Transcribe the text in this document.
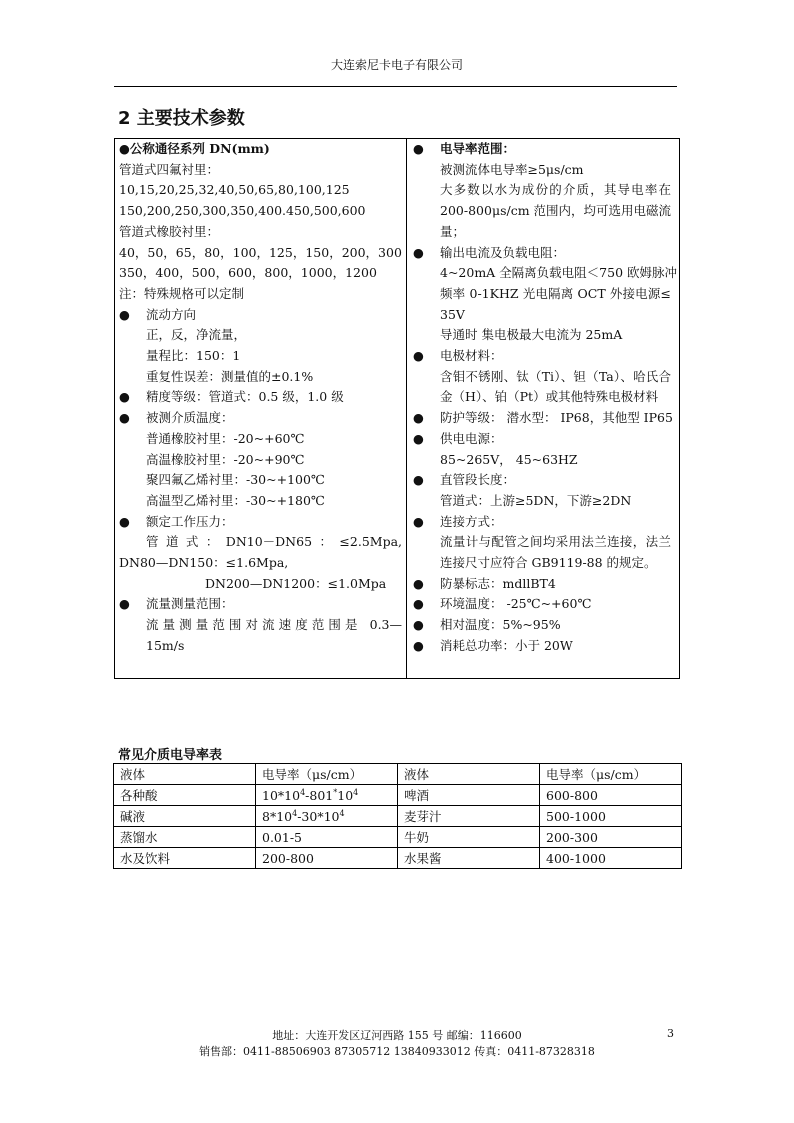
大连索尼卡电子有限公司
2 主要技术参数
●公称通径系列 DN(mm)
管道式四氟衬里：
10,15,20,25,32,40,50,65,80,100,125
150,200,250,300,350,400.450,500,600
管道式橡胶衬里：
40，50，65，80，100，125，150，200，300
350，400，500，600，800，1000，1200
注：特殊规格可以定制
● 流动方向
正，反，净流量，
量程比：150：1
重复性误差：测量值的±0.1%
● 精度等级：管道式：0.5 级，1.0 级
● 被测介质温度：
普通橡胶衬里：-20~+60℃
高温橡胶衬里：-20~+90℃
聚四氟乙烯衬里：-30~+100℃
高温型乙烯衬里：-30~+180℃
● 额定工作压力：
管道式：DN10－DN65：≤2.5Mpa,
DN80—DN150：≤1.6Mpa,
DN200—DN1200：≤1.0Mpa
● 流量测量范围：
流量测量范围对流速度范围是 0.3—
15m/s
● 电导率范围：
被测流体电导率≥5μs/cm
大多数以水为成份的介质，其导电率在
200-800μs/cm 范围内，均可选用电磁流
量；
● 输出电流及负载电阻：
4~20mA 全隔离负载电阻＜750 欧姆脉冲
频率 0-1KHZ 光电隔离 OCT 外接电源≤
35V
导通时 集电极最大电流为 25mA
● 电极材料：
含钼不锈刚、钛（Ti）、钽（Ta）、哈氏合
金（H）、铂（Pt）或其他特殊电极材料
● 防护等级： 潜水型： IP68，其他型 IP65
● 供电电源：
85~265V， 45~63HZ
● 直管段长度：
管道式：上游≥5DN，下游≥2DN
● 连接方式：
流量计与配管之间均采用法兰连接，法兰
连接尺寸应符合 GB9119-88 的规定。
● 防暴标志：mdllBT4
● 环境温度： -25℃~+60℃
● 相对温度：5%~95%
● 消耗总功率：小于 20W
常见介质电导率表
液体	电导率（μs/cm）	液体	电导率（μs/cm）
各种酸	$10*10^4-801^*10^4$	啤酒	600-800
碱液	$8*10^4-30*10^4$	麦芽汁	500-1000
蒸馏水	0.01-5	牛奶	200-300
水及饮料	200-800	水果酱	400-1000
地址：大连开发区辽河西路 155 号 邮编：116600
销售部：0411-88506903 87305712 13840933012 传真：0411-87328318
3
